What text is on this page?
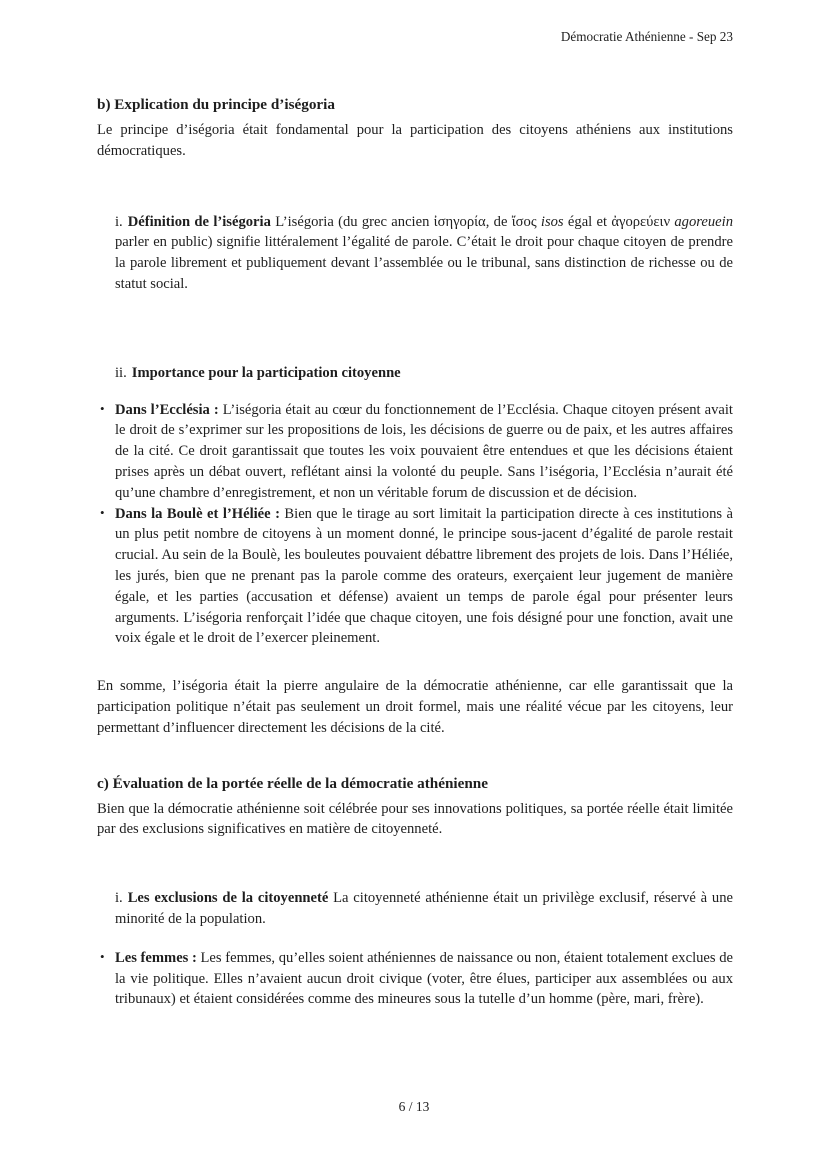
Démocratie Athénienne - Sep 23
b) Explication du principe d’iségoria

Le principe d’iségoria était fondamental pour la participation des citoyens athéniens aux institutions démocratiques.

i. Définition de l’iségoria L’iségoria (du grec ancien ἰσηγορία, de ἴσος isos égal et ἀγορεύειν agoreuein parler en public) signifie littéralement l’égalité de parole. C’était le droit pour chaque citoyen de prendre la parole librement et publiquement devant l’assemblée ou le tribunal, sans distinction de richesse ou de statut social.
ii. Importance pour la participation citoyenne
• Dans l’Ecclésia : L’iségoria était au cœur du fonctionnement de l’Ecclésia. Chaque citoyen présent avait le droit de s’exprimer sur les propositions de lois, les décisions de guerre ou de paix, et les autres affaires de la cité. Ce droit garantissait que toutes les voix pouvaient être entendues et que les décisions étaient prises après un débat ouvert, reflétant ainsi la volonté du peuple. Sans l’iségoria, l’Ecclésia n’aurait été qu’une chambre d’enregistrement, et non un véritable forum de discussion et de décision.
• Dans la Boulè et l’Héliée : Bien que le tirage au sort limitait la participation directe à ces institutions à un plus petit nombre de citoyens à un moment donné, le principe sous-jacent d’égalité de parole restait crucial. Au sein de la Boulè, les bouleutes pouvaient débattre librement des projets de lois. Dans l’Héliée, les jurés, bien que ne prenant pas la parole comme des orateurs, exerçaient leur jugement de manière égale, et les parties (accusation et défense) avaient un temps de parole égal pour présenter leurs arguments. L’iségoria renforçait l’idée que chaque citoyen, une fois désigné pour une fonction, avait une voix égale et le droit de l’exercer pleinement.

En somme, l’iségoria était la pierre angulaire de la démocratie athénienne, car elle garantissait que la participation politique n’était pas seulement un droit formel, mais une réalité vécue par les citoyens, leur permettant d’influencer directement les décisions de la cité.

c) Évaluation de la portée réelle de la démocratie athénienne

Bien que la démocratie athénienne soit célébrée pour ses innovations politiques, sa portée réelle était limitée par des exclusions significatives en matière de citoyenneté.

i. Les exclusions de la citoyenneté La citoyenneté athénienne était un privilège exclusif, réservé à une minorité de la population.
• Les femmes : Les femmes, qu’elles soient athéniennes de naissance ou non, étaient totalement exclues de la vie politique. Elles n’avaient aucun droit civique (voter, être élues, participer aux assemblées ou aux tribunaux) et étaient considérées comme des mineures sous la tutelle d’un homme (père, mari, frère).
6 / 13
